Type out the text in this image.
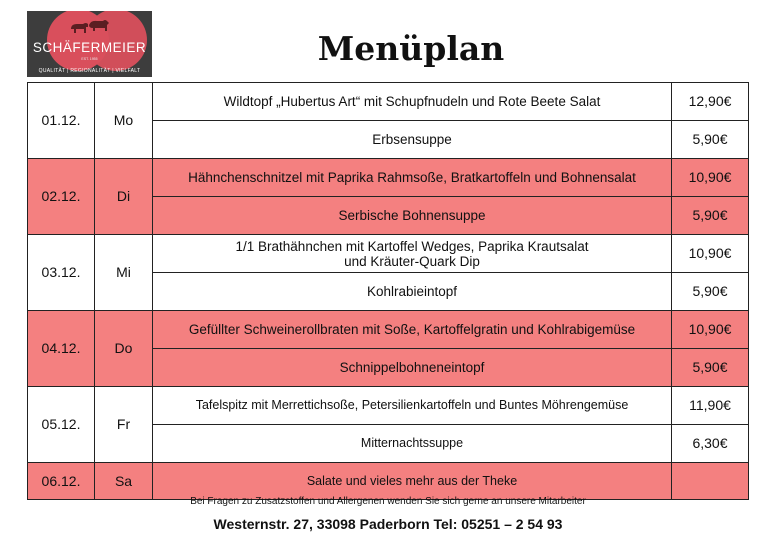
SCHÄFERMEIER
EST. 1955
QUALITÄT | REGIONALITÄT | VIELFALT
Menüplan
01.12.	Mo	Wildtopf „Hubertus Art“ mit Schupfnudeln und Rote Beete Salat	12,90€
		Erbsensuppe	5,90€
02.12.	Di	Hähnchenschnitzel mit Paprika Rahmsoße, Bratkartoffeln und Bohnensalat	10,90€
		Serbische Bohnensuppe	5,90€
03.12.	Mi	1/1 Brathähnchen mit Kartoffel Wedges, Paprika Krautsalat
und Kräuter-Quark Dip	10,90€
		Kohlrabieintopf	5,90€
04.12.	Do	Gefüllter Schweinerollbraten mit Soße, Kartoffelgratin und Kohlrabigemüse	10,90€
		Schnippelbohneneintopf	5,90€
05.12.	Fr	Tafelspitz mit Merrettichsoße, Petersilienkartoffeln und Buntes Möhrengemüse	11,90€
		Mitternachtssuppe	6,30€
06.12.	Sa	Salate und vieles mehr aus der Theke	
Bei Fragen zu Zusatzstoffen und Allergenen wenden Sie sich gerne an unsere Mitarbeiter
Westernstr. 27, 33098 Paderborn Tel: 05251 – 2 54 93
